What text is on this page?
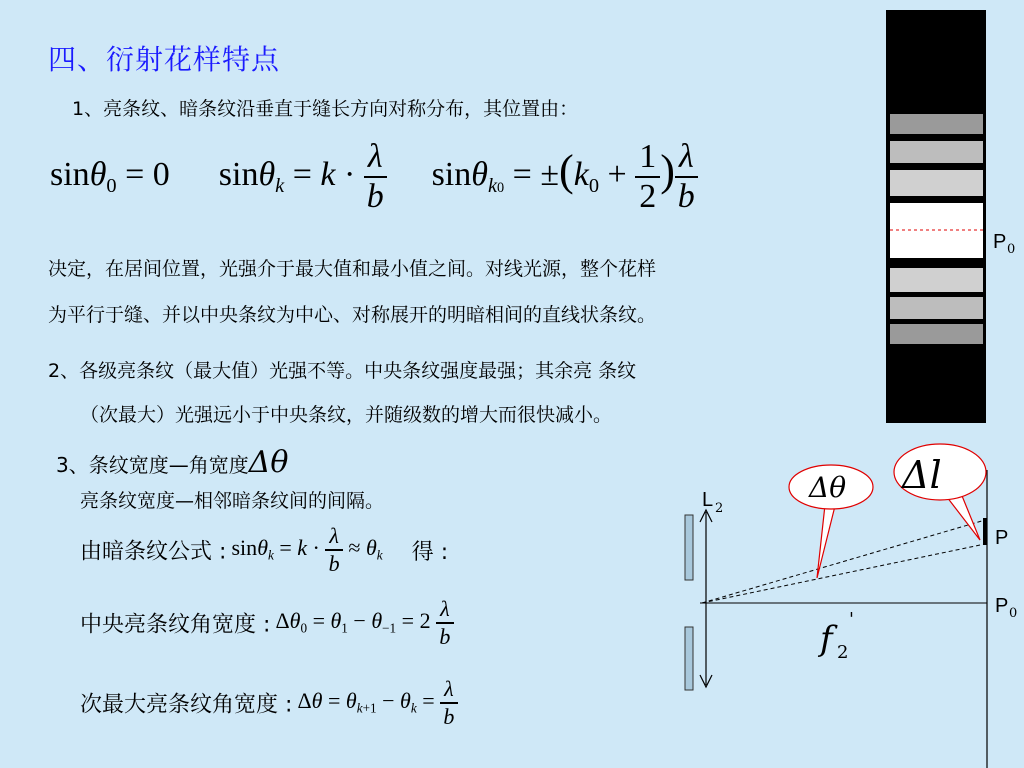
四、衍射花样特点
1、亮条纹、暗条纹沿垂直于缝长方向对称分布，其位置由：
sinθ$_0$ = 0 $\sin\theta_k = k \cdot \frac{\lambda}{b} \sin\theta_{k0} = \pm(k_0 + \frac{1}{2}$ ) $\frac{\lambda}{b}$
决定，在居间位置，光强介于最大值和最小值之间。对线光源，整个花样
为平行于缝、并以中央条纹为中心、对称展开的明暗相间的直线状条纹。
2、各级亮条纹（最大值）光强不等。中央条纹强度最强；其余亮 条纹
（次最大）光强远小于中央条纹，并随级数的增大而很快减小。
3、条纹宽度—角宽度Δθ
亮条纹宽度—相邻暗条纹间的间隔。
由暗条纹公式 : $\sin\theta_k = k \cdot \frac{\lambda}{b} \approx \theta_k$ 得 :
中央亮条纹角宽度 : $\Delta\theta_0 = \theta_1 - \theta_{-1} = 2 \frac{\lambda}{b}$
次最大亮条纹角宽度 : $\Delta\theta = \theta_{k+1} - \theta_k = \frac{\lambda}{b}$
P 0
L 2
Δθ Δl
P
P 0
f 2
'
